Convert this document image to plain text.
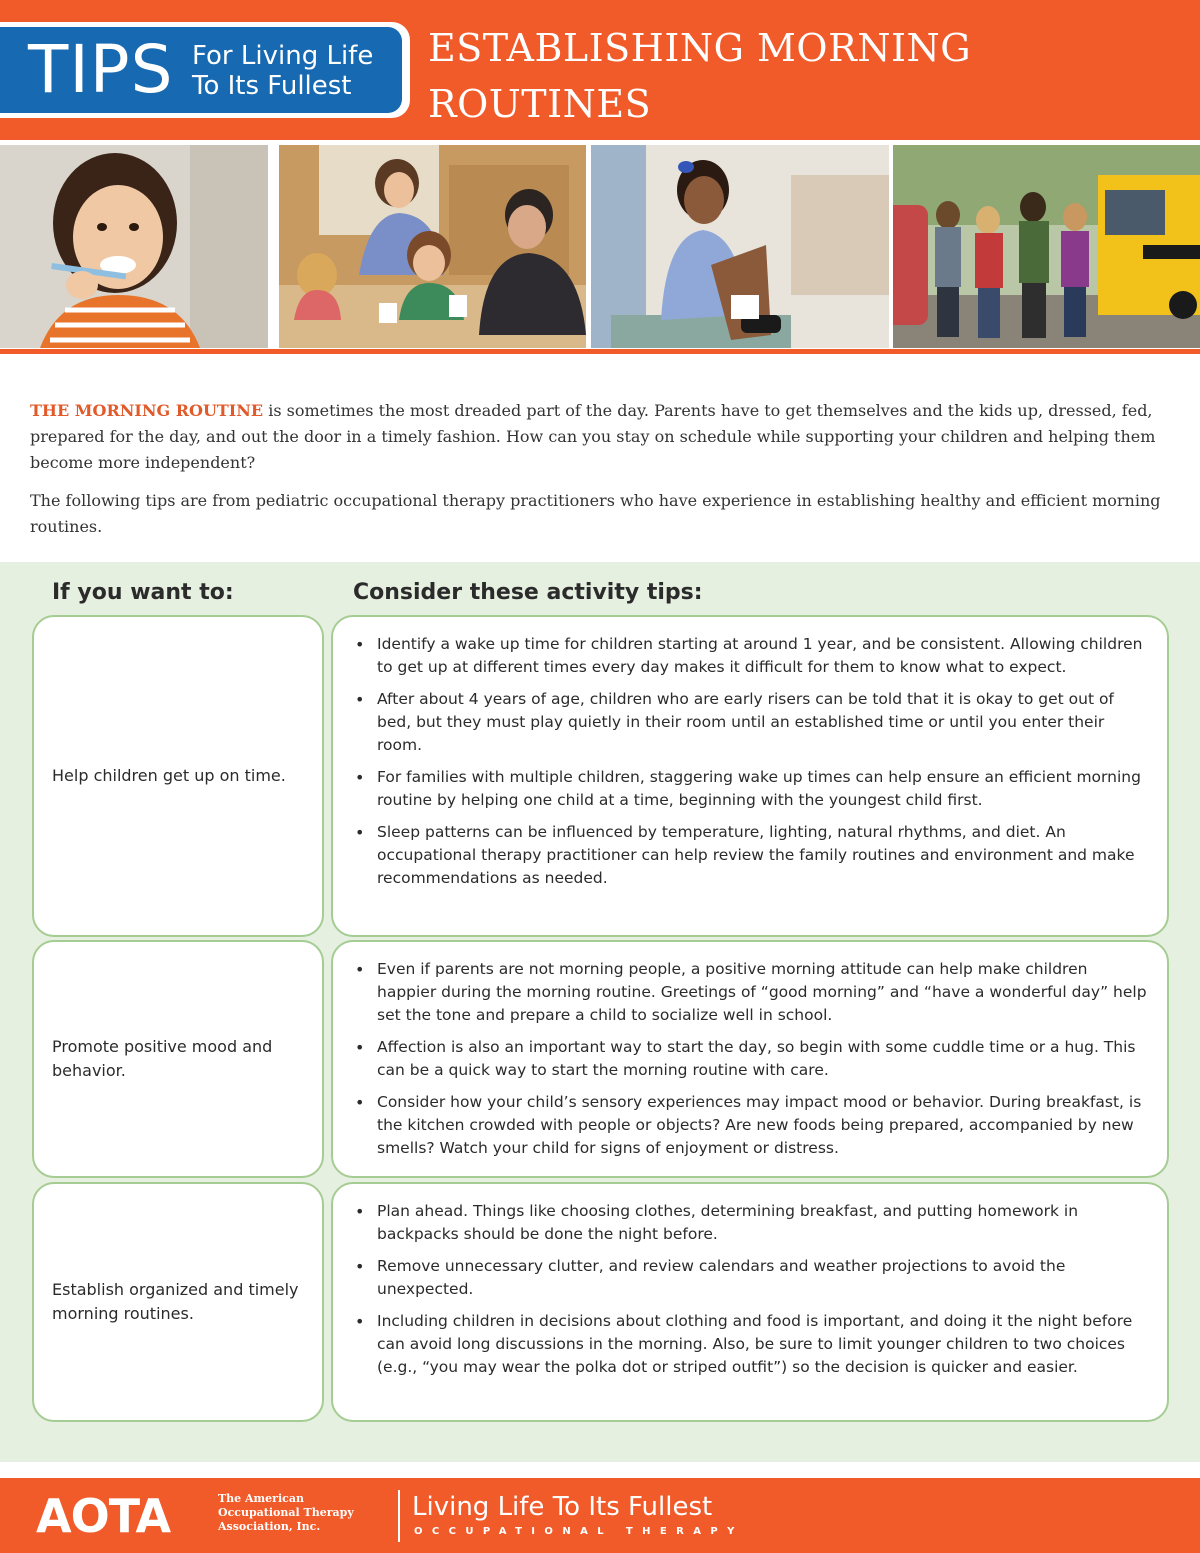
TIPS For Living Life
To Its Fullest
ESTABLISHING MORNING ROUTINES

THE MORNING ROUTINE is sometimes the most dreaded part of the day. Parents have to get themselves and the kids up, dressed, fed, prepared for the day, and out the door in a timely fashion. How can you stay on schedule while supporting your children and helping them become more independent?

The following tips are from pediatric occupational therapy practitioners who have experience in establishing healthy and efficient morning routines.

If you want to:	Consider these activity tips:
Help children get up on time.
• Identify a wake up time for children starting at around 1 year, and be consistent. Allowing children to get up at different times every day makes it difficult for them to know what to expect.
• After about 4 years of age, children who are early risers can be told that it is okay to get out of bed, but they must play quietly in their room until an established time or until you enter their room.
• For families with multiple children, staggering wake up times can help ensure an efficient morning routine by helping one child at a time, beginning with the youngest child first.
• Sleep patterns can be influenced by temperature, lighting, natural rhythms, and diet. An occupational therapy practitioner can help review the family routines and environment and make recommendations as needed.
Promote positive mood and behavior.
• Even if parents are not morning people, a positive morning attitude can help make children happier during the morning routine. Greetings of “good morning” and “have a wonderful day” help set the tone and prepare a child to socialize well in school.
• Affection is also an important way to start the day, so begin with some cuddle time or a hug. This can be a quick way to start the morning routine with care.
• Consider how your child’s sensory experiences may impact mood or behavior. During breakfast, is the kitchen crowded with people or objects? Are new foods being prepared, accompanied by new smells? Watch your child for signs of enjoyment or distress.
Establish organized and timely morning routines.
• Plan ahead. Things like choosing clothes, determining breakfast, and putting homework in backpacks should be done the night before.
• Remove unnecessary clutter, and review calendars and weather projections to avoid the unexpected.
• Including children in decisions about clothing and food is important, and doing it the night before can avoid long discussions in the morning. Also, be sure to limit younger children to two choices (e.g., “you may wear the polka dot or striped outfit”) so the decision is quicker and easier.
AOTA	The American
Occupational Therapy
Association, Inc.
Living Life To Its Fullest
OCCUPATIONAL THERAPY
